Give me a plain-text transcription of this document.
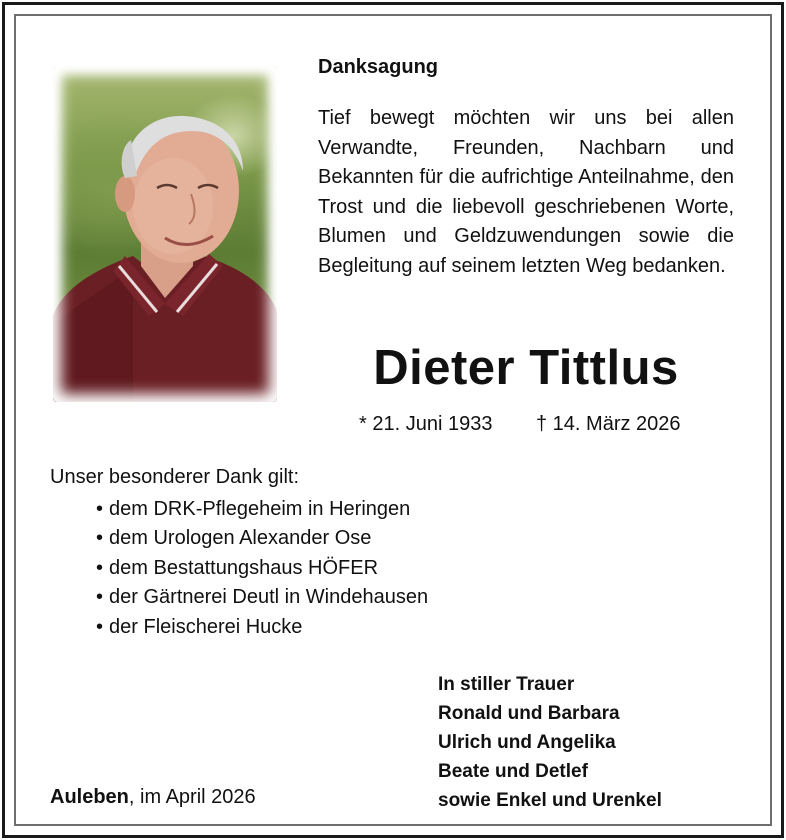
Danksagung
Tief bewegt möchten wir uns bei allen Verwandte, Freunden, Nachbarn und Bekannten für die aufrichtige Anteilnahme, den Trost und die liebevoll geschriebenen Worte, Blumen und Geldzuwendungen sowie die Begleitung auf seinem letzten Weg bedanken.
Dieter Tittlus
* 21. Juni 1933 † 14. März 2026
Unser besonderer Dank gilt:
• dem DRK-Pflegeheim in Heringen
• dem Urologen Alexander Ose
• dem Bestattungshaus HÖFER
• der Gärtnerei Deutl in Windehausen
• der Fleischerei Hucke
In stiller Trauer
Ronald und Barbara
Ulrich und Angelika
Beate und Detlef
sowie Enkel und Urenkel
Auleben, im April 2026
